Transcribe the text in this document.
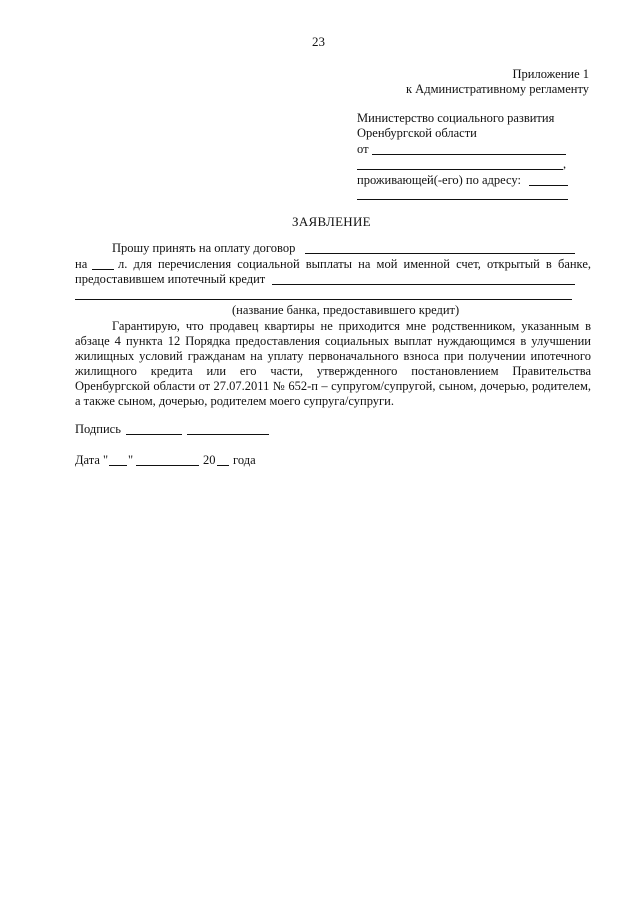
23
Приложение 1
к Административному регламенту
Министерство социального развития
Оренбургской области
от
,
проживающей(-его) по адресу:
ЗАЯВЛЕНИЕ
Прошу принять на оплату договор
на л. для перечисления социальной выплаты на мой именной счет, открытый в банке,
предоставившем ипотечный кредит
(название банка, предоставившего кредит)
Гарантирую, что продавец квартиры не приходится мне родственником, указанным в абзаце 4 пункта 12 Порядка предоставления социальных выплат нуждающимся в улучшении жилищных условий гражданам на уплату первоначального взноса при получении ипотечного жилищного кредита или его части, утвержденного постановлением Правительства Оренбургской области от 27.07.2011 № 652-п – супругом/супругой, сыном, дочерью, родителем, а также сыном, дочерью, родителем моего супруга/супруги.
Подпись
Дата " "	20 года
